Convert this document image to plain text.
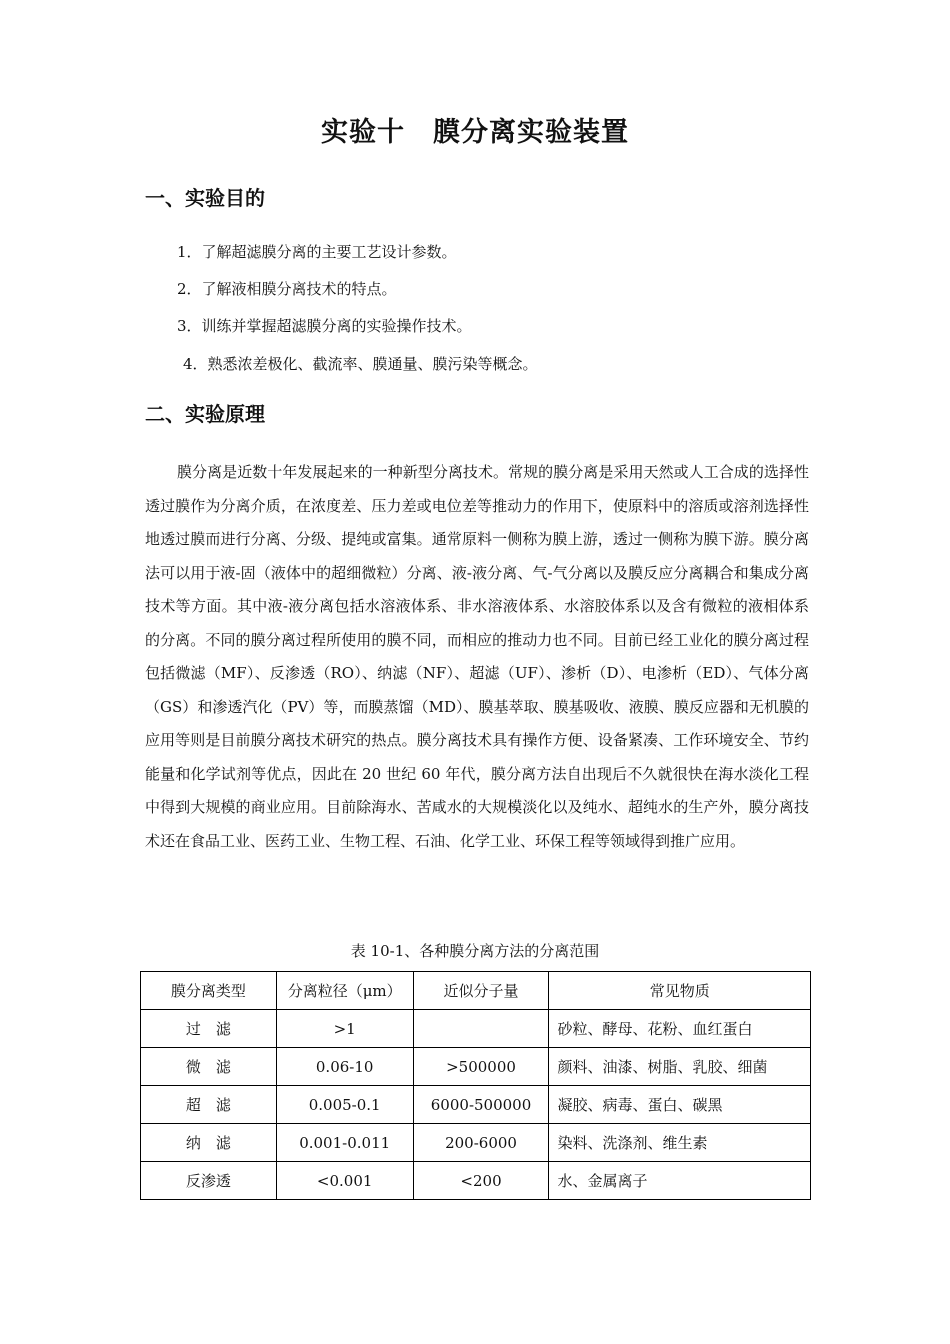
实验十　膜分离实验装置
一、实验目的
1．了解超滤膜分离的主要工艺设计参数。
2．了解液相膜分离技术的特点。
3．训练并掌握超滤膜分离的实验操作技术。
4．熟悉浓差极化、截流率、膜通量、膜污染等概念。
二、实验原理

膜分离是近数十年发展起来的一种新型分离技术。常规的膜分离是采用天然或人工合成的选择性透过膜作为分离介质，在浓度差、压力差或电位差等推动力的作用下，使原料中的溶质或溶剂选择性地透过膜而进行分离、分级、提纯或富集。通常原料一侧称为膜上游，透过一侧称为膜下游。膜分离法可以用于液-固（液体中的超细微粒）分离、液-液分离、气-气分离以及膜反应分离耦合和集成分离技术等方面。其中液-液分离包括水溶液体系、非水溶液体系、水溶胶体系以及含有微粒的液相体系的分离。不同的膜分离过程所使用的膜不同，而相应的推动力也不同。目前已经工业化的膜分离过程包括微滤（MF）、反渗透（RO）、纳滤（NF）、超滤（UF）、渗析（D）、电渗析（ED）、气体分离（GS）和渗透汽化（PV）等，而膜蒸馏（MD）、膜基萃取、膜基吸收、液膜、膜反应器和无机膜的应用等则是目前膜分离技术研究的热点。膜分离技术具有操作方便、设备紧凑、工作环境安全、节约能量和化学试剂等优点，因此在 20 世纪 60 年代，膜分离方法自出现后不久就很快在海水淡化工程中得到大规模的商业应用。目前除海水、苦咸水的大规模淡化以及纯水、超纯水的生产外，膜分离技术还在食品工业、医药工业、生物工程、石油、化学工业、环保工程等领域得到推广应用。

表 10-1、各种膜分离方法的分离范围

膜分离类型	分离粒径（μm）	近似分子量	常见物质
过　滤	>1		砂粒、酵母、花粉、血红蛋白
微　滤	0.06-10	>500000	颜料、油漆、树脂、乳胶、细菌
超　滤	0.005-0.1	6000-500000	凝胶、病毒、蛋白、碳黑
纳　滤	0.001-0.011	200-6000	染料、洗涤剂、维生素
反渗透	<0.001	<200	水、金属离子
